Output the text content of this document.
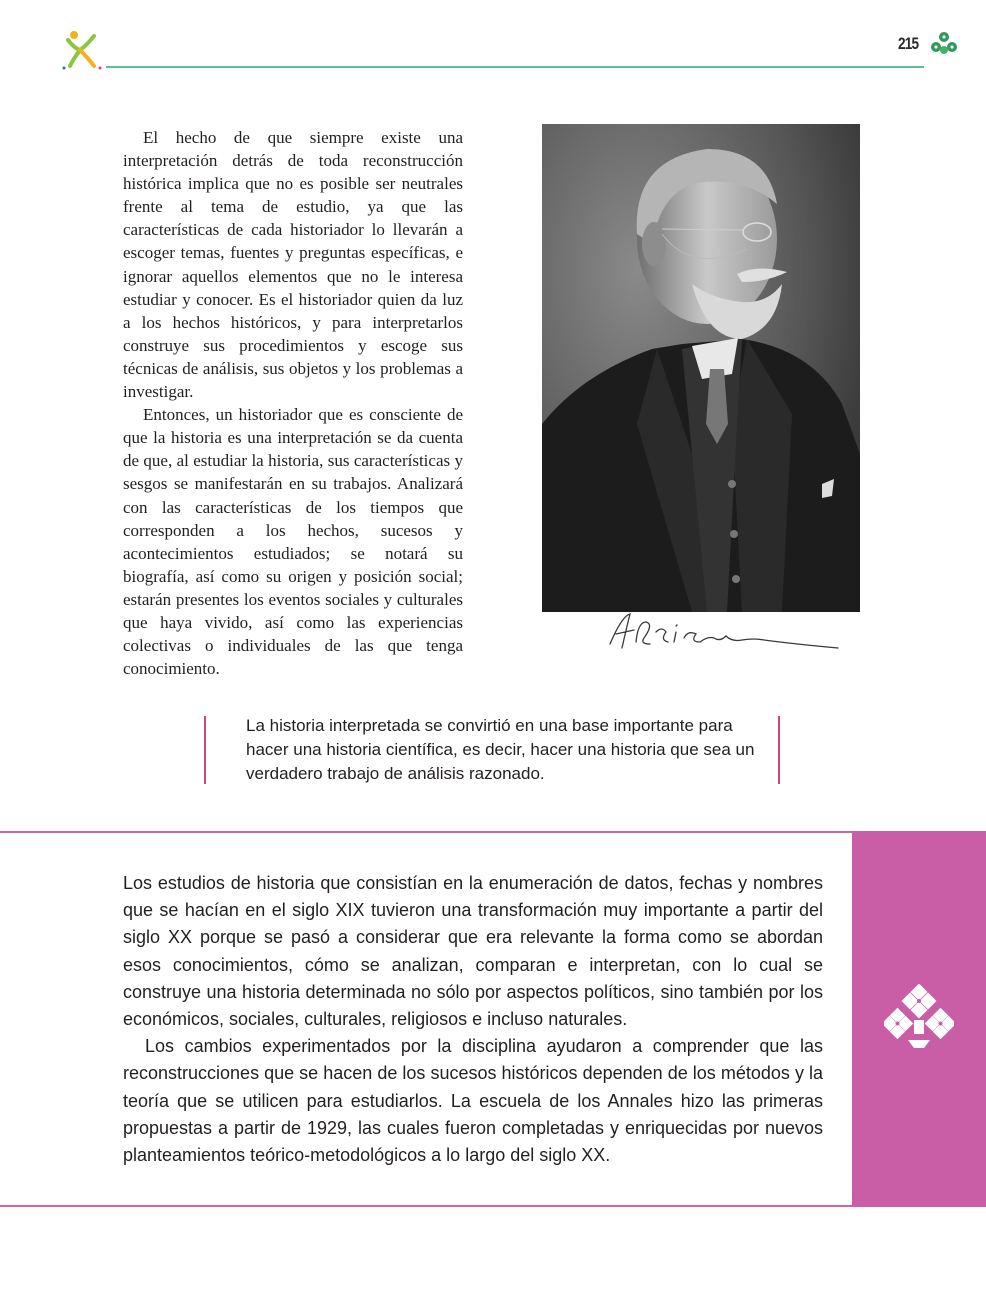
215

El hecho de que siempre existe una interpretación detrás de toda reconstrucción histórica implica que no es posible ser neutrales frente al tema de estudio, ya que las características de cada historiador lo llevarán a escoger temas, fuentes y preguntas específicas, e ignorar aquellos elementos que no le interesa estudiar y conocer. Es el historiador quien da luz a los hechos históricos, y para interpretarlos construye sus procedimientos y escoge sus técnicas de análisis, sus objetos y los problemas a investigar.

Entonces, un historiador que es consciente de que la historia es una interpretación se da cuenta de que, al estudiar la historia, sus características y sesgos se manifestarán en su trabajos. Analizará con las características de los tiempos que corresponden a los hechos, sucesos y acontecimientos estudiados; se notará su biografía, así como su origen y posición social; estarán presentes los eventos sociales y culturales que haya vivido, así como las experiencias colectivas o individuales de las que tenga conocimiento.

La historia interpretada se convirtió en una base importante para hacer una historia científica, es decir, hacer una historia que sea un verdadero trabajo de análisis razonado.

Los estudios de historia que consistían en la enumeración de datos, fechas y nombres que se hacían en el siglo XIX tuvieron una transformación muy importante a partir del siglo XX porque se pasó a considerar que era relevante la forma como se abordan esos conocimientos, cómo se analizan, comparan e interpretan, con lo cual se construye una historia determinada no sólo por aspectos políticos, sino también por los económicos, sociales, culturales, religiosos e incluso naturales.

Los cambios experimentados por la disciplina ayudaron a comprender que las reconstrucciones que se hacen de los sucesos históricos dependen de los métodos y la teoría que se utilicen para estudiarlos. La escuela de los Annales hizo las primeras propuestas a partir de 1929, las cuales fueron completadas y enriquecidas por nuevos planteamientos teórico-metodológicos a lo largo del siglo XX.
